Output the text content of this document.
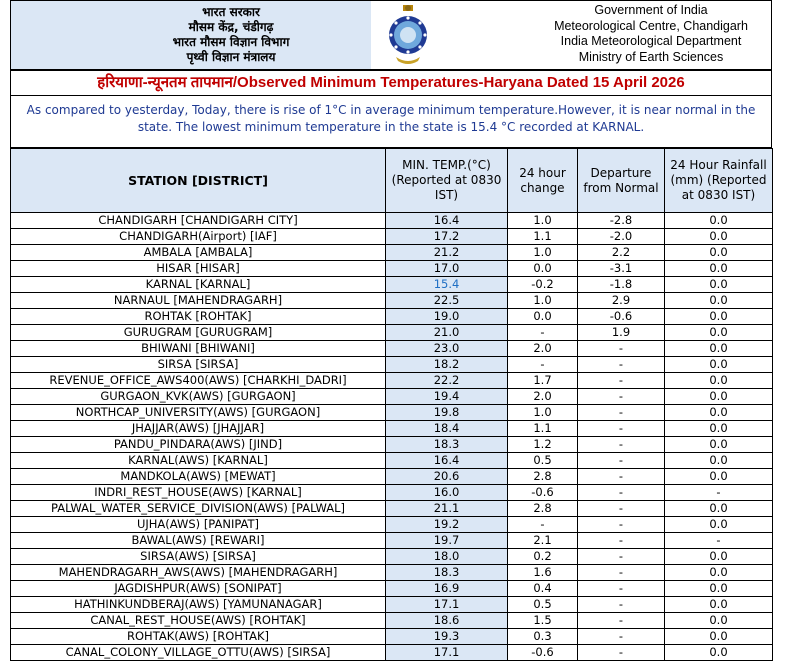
भारत सरकार
मौसम केंद्र, चंडीगढ़
भारत मौसम विज्ञान विभाग
पृथ्वी विज्ञान मंत्रालय
Government of India
Meteorological Centre, Chandigarh
India Meteorological Department
Ministry of Earth Sciences
हरियाणा-न्यूनतम तापमान/Observed Minimum Temperatures-Haryana Dated 15 April 2026
As compared to yesterday, Today, there is rise of 1°C in average minimum temperature.However, it is near normal in the state. The lowest minimum temperature in the state is 15.4 °C recorded at KARNAL.
STATION [DISTRICT]	MIN. TEMP.(°C) (Reported at 0830 IST)	24 hour change	Departure from Normal	24 Hour Rainfall (mm) (Reported at 0830 IST)
CHANDIGARH [CHANDIGARH CITY]	16.4	1.0	-2.8	0.0
CHANDIGARH(Airport) [IAF]	17.2	1.1	-2.0	0.0
AMBALA [AMBALA]	21.2	1.0	2.2	0.0
HISAR [HISAR]	17.0	0.0	-3.1	0.0
KARNAL [KARNAL]	15.4	-0.2	-1.8	0.0
NARNAUL [MAHENDRAGARH]	22.5	1.0	2.9	0.0
ROHTAK [ROHTAK]	19.0	0.0	-0.6	0.0
GURUGRAM [GURUGRAM]	21.0	-	1.9	0.0
BHIWANI [BHIWANI]	23.0	2.0	-	0.0
SIRSA [SIRSA]	18.2	-	-	0.0
REVENUE_OFFICE_AWS400(AWS) [CHARKHI_DADRI]	22.2	1.7	-	0.0
GURGAON_KVK(AWS) [GURGAON]	19.4	2.0	-	0.0
NORTHCAP_UNIVERSITY(AWS) [GURGAON]	19.8	1.0	-	0.0
JHAJJAR(AWS) [JHAJJAR]	18.4	1.1	-	0.0
PANDU_PINDARA(AWS) [JIND]	18.3	1.2	-	0.0
KARNAL(AWS) [KARNAL]	16.4	0.5	-	0.0
MANDKOLA(AWS) [MEWAT]	20.6	2.8	-	0.0
INDRI_REST_HOUSE(AWS) [KARNAL]	16.0	-0.6	-	-
PALWAL_WATER_SERVICE_DIVISION(AWS) [PALWAL]	21.1	2.8	-	0.0
UJHA(AWS) [PANIPAT]	19.2	-	-	0.0
BAWAL(AWS) [REWARI]	19.7	2.1	-	-
SIRSA(AWS) [SIRSA]	18.0	0.2	-	0.0
MAHENDRAGARH_AWS(AWS) [MAHENDRAGARH]	18.3	1.6	-	0.0
JAGDISHPUR(AWS) [SONIPAT]	16.9	0.4	-	0.0
HATHINKUNDBERAJ(AWS) [YAMUNANAGAR]	17.1	0.5	-	0.0
CANAL_REST_HOUSE(AWS) [ROHTAK]	18.6	1.5	-	0.0
ROHTAK(AWS) [ROHTAK]	19.3	0.3	-	0.0
CANAL_COLONY_VILLAGE_OTTU(AWS) [SIRSA]	17.1	-0.6	-	0.0
